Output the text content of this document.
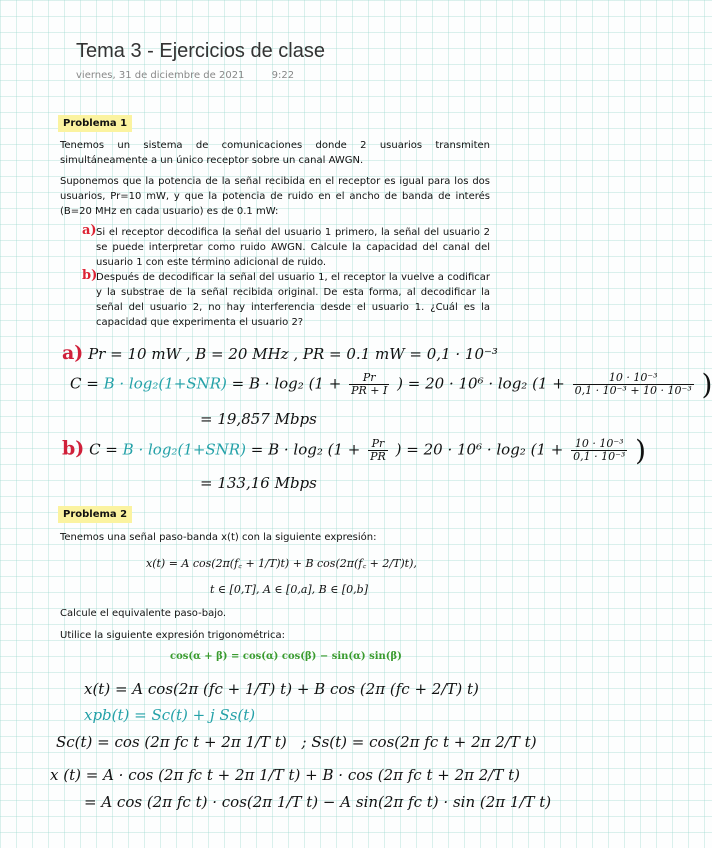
Tema 3 - Ejercicios de clase
viernes, 31 de diciembre de 2021	9:22
Problema 1
Tenemos un sistema de comunicaciones donde 2 usuarios transmiten simultáneamente a un único receptor sobre un canal AWGN.
Suponemos que la potencia de la señal recibida en el receptor es igual para los dos usuarios, Pr=10 mW, y que la potencia de ruido en el ancho de banda de interés (B=20 MHz en cada usuario) es de 0.1 mW:
a) Si el receptor decodifica la señal del usuario 1 primero, la señal del usuario 2 se puede interpretar como ruido AWGN. Calcule la capacidad del canal del usuario 1 con este término adicional de ruido.
b)
Después de decodificar la señal del usuario 1, el receptor la vuelve a codificar y la substrae de la señal recibida original. De esta forma, al decodificar la señal del usuario 2, no hay interferencia desde el usuario 1. ¿Cuál es la capacidad que experimenta el usuario 2?
a) Pr = 10 mW , B = 20 MHz , PR = 0.1 mW = 0,1 · 10⁻³
C = B · log₂(1+SNR) = B · log₂ ($1 + \frac{Pr}{PR + I}$ ) = 20 · 10⁶ · log₂ ($1 + \frac{\text{10 · 10⁻³}}{\text{0,1 · 10⁻³ + 10 · 10⁻³}}$ )
= 19,857 Mbps
b) C = B · log₂(1+SNR) = B · log₂ ($1 + \frac{Pr}{PR}$ ) = 20 · 10⁶ · log₂ ($1 + \frac{\text{10 · 10⁻³}}{\text{0,1 · 10⁻³}}$ )
= 133,16 Mbps
Problema 2
Tenemos una señal paso-banda x(t) con la siguiente expresión:
x(t) = A cos(2π(f꜀ + 1/T)t) + B cos(2π(f꜀ + 2/T)t),
t ∈ [0,T], A ∈ [0,a], B ∈ [0,b]
Calcule el equivalente paso-bajo.
Utilice la siguiente expresión trigonométrica:
cos(α + β) = cos(α) cos(β) − sin(α) sin(β)
x(t) = A cos(2π (fc + 1/T) t) + B cos (2π (fc + 2/T) t)
xpb(t) = Sc(t) + j Ss(t)
Sc(t) = cos (2π fc t + 2π 1/T t) ; Ss(t) = cos(2π fc t + 2π 2/T t)
x (t) = A · cos (2π fc t + 2π 1/T t) + B · cos (2π fc t + 2π 2/T t)
= A cos (2π fc t) · cos(2π 1/T t) − A sin(2π fc t) · sin (2π 1/T t)
